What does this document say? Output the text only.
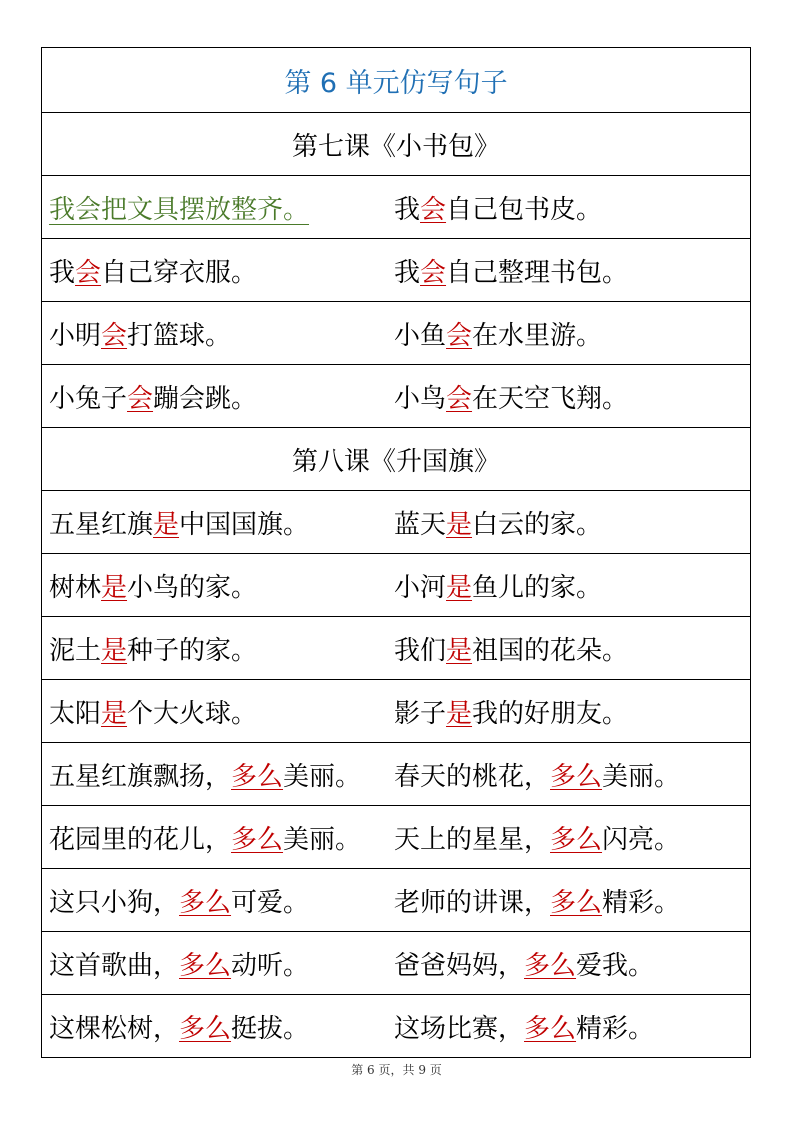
第 6 单元仿写句子
第七课《小书包》
我会把文具摆放整齐。	我会自己包书皮。
我会自己穿衣服。	我会自己整理书包。
小明会打篮球。	小鱼会在水里游。
小兔子会蹦会跳。	小鸟会在天空飞翔。
第八课《升国旗》
五星红旗是中国国旗。	蓝天是白云的家。
树林是小鸟的家。	小河是鱼儿的家。
泥土是种子的家。	我们是祖国的花朵。
太阳是个大火球。	影子是我的好朋友。
五星红旗飘扬，多么美丽。	春天的桃花，多么美丽。
花园里的花儿，多么美丽。	天上的星星，多么闪亮。
这只小狗，多么可爱。	老师的讲课，多么精彩。
这首歌曲，多么动听。	爸爸妈妈，多么爱我。
这棵松树，多么挺拔。	这场比赛，多么精彩。
第 6 页，共 9 页
